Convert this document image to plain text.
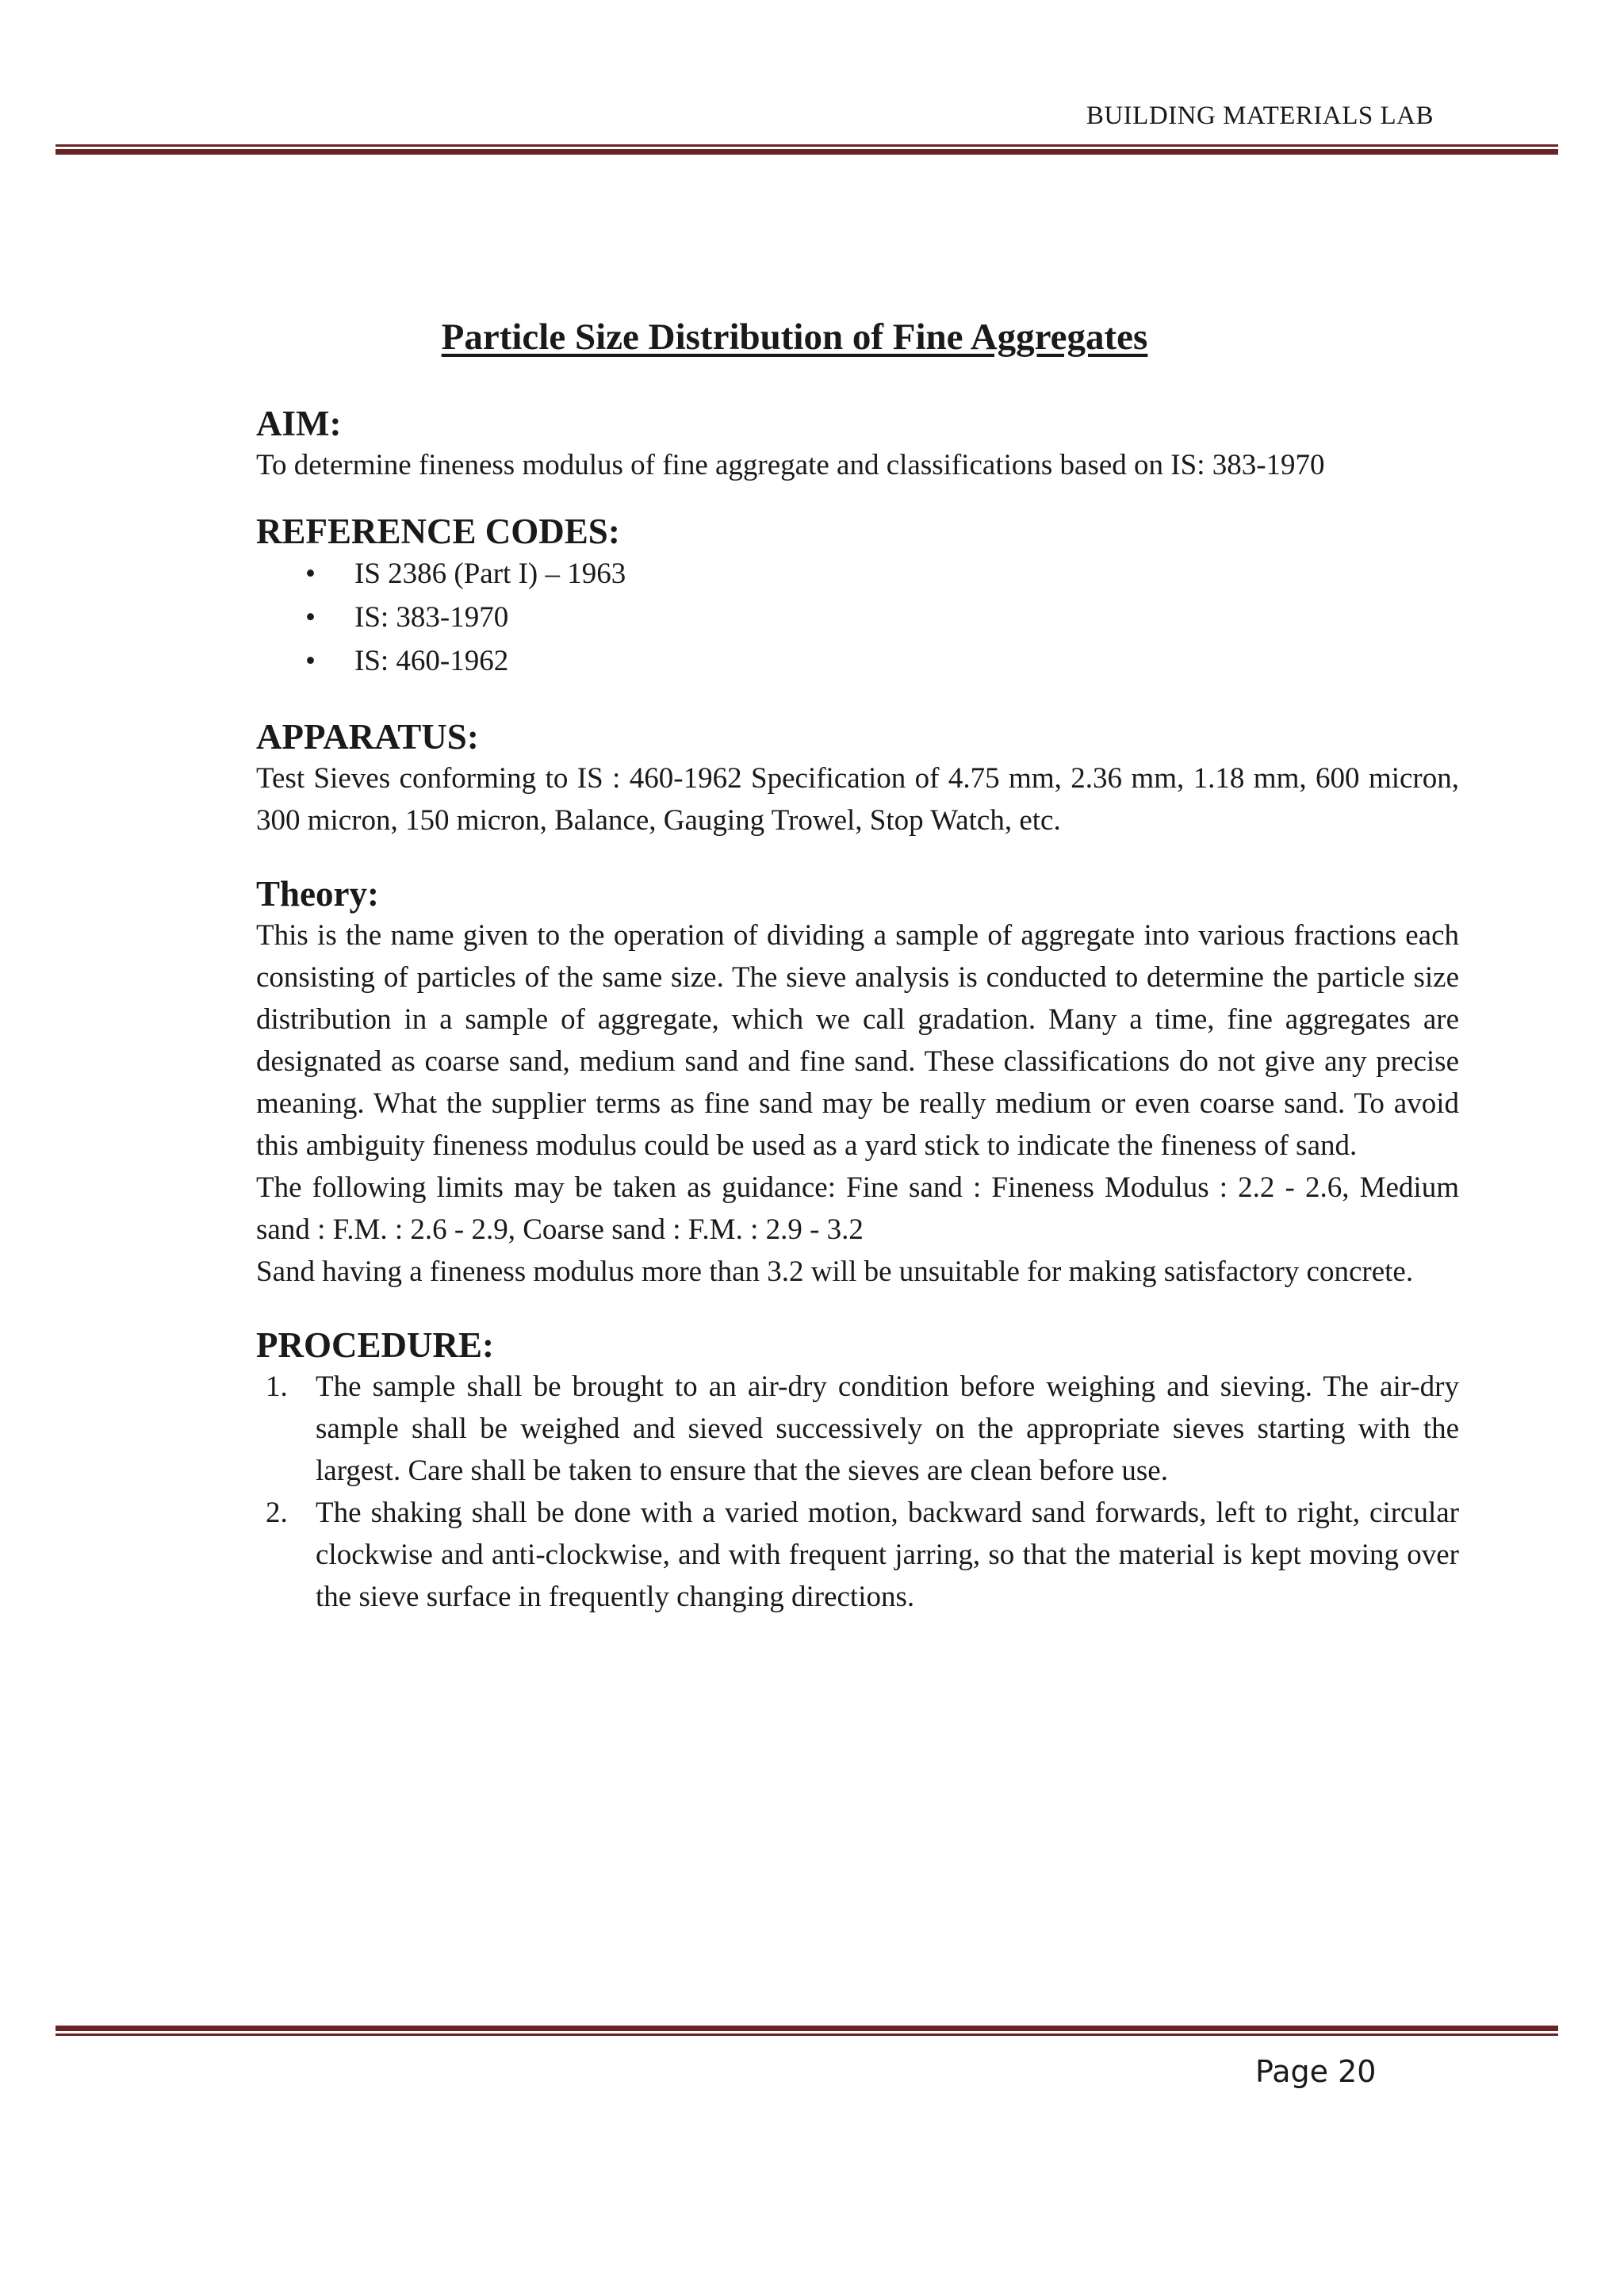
BUILDING MATERIALS LAB
Particle Size Distribution of Fine Aggregates
AIM:

To determine fineness modulus of fine aggregate and classifications based on IS: 383-1970

REFERENCE CODES:
• IS 2386 (Part I) – 1963
• IS: 383-1970
• IS: 460-1962
APPARATUS:

Test Sieves conforming to IS : 460-1962 Specification of 4.75 mm, 2.36 mm, 1.18 mm, 600 micron, 300 micron, 150 micron, Balance, Gauging Trowel, Stop Watch, etc.

Theory:

This is the name given to the operation of dividing a sample of aggregate into various fractions each consisting of particles of the same size. The sieve analysis is conducted to determine the particle size distribution in a sample of aggregate, which we call gradation. Many a time, fine aggregates are designated as coarse sand, medium sand and fine sand. These classifications do not give any precise meaning. What the supplier terms as fine sand may be really medium or even coarse sand. To avoid this ambiguity fineness modulus could be used as a yard stick to indicate the fineness of sand.

The following limits may be taken as guidance: Fine sand : Fineness Modulus : 2.2 - 2.6, Medium sand : F.M. : 2.6 - 2.9, Coarse sand : F.M. : 2.9 - 3.2

Sand having a fineness modulus more than 3.2 will be unsuitable for making satisfactory concrete.

PROCEDURE:
1. The sample shall be brought to an air-dry condition before weighing and sieving. The air-dry sample shall be weighed and sieved successively on the appropriate sieves starting with the largest. Care shall be taken to ensure that the sieves are clean before use.
2. The shaking shall be done with a varied motion, backward sand forwards, left to right, circular clockwise and anti-clockwise, and with frequent jarring, so that the material is kept moving over the sieve surface in frequently changing directions.
Page 20
